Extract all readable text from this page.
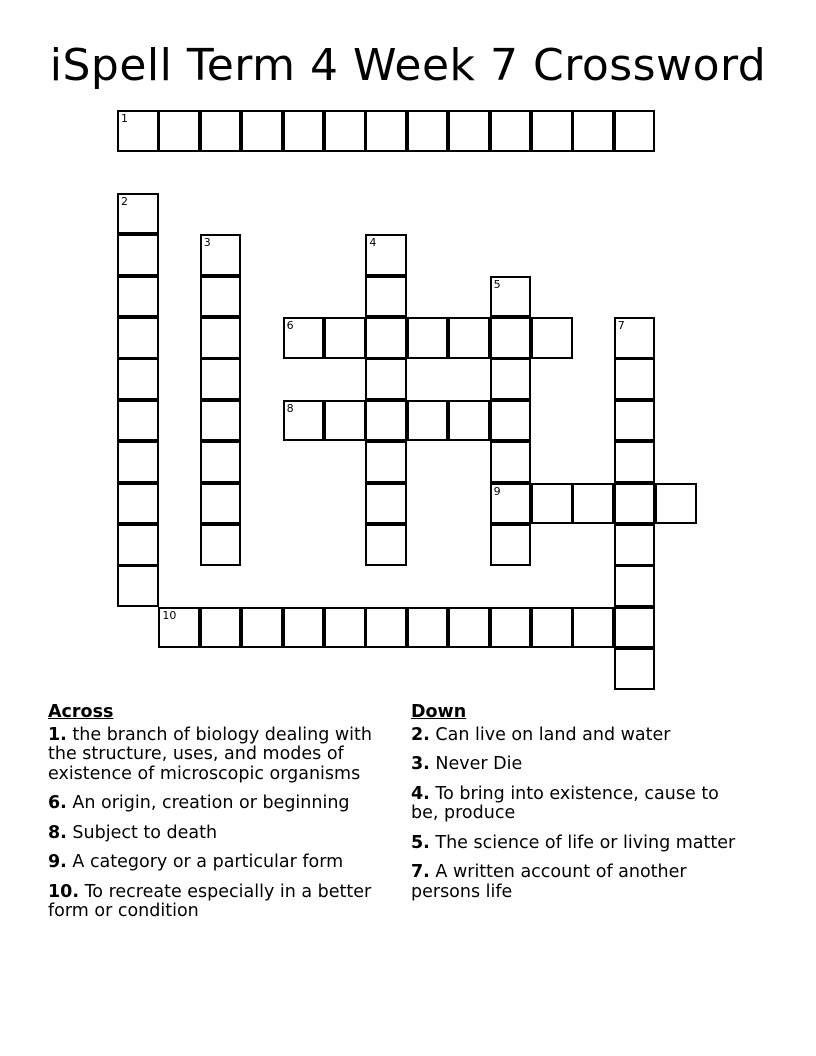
iSpell Term 4 Week 7 Crossword
1
2
3	4
5
9
6	7
8
10
Across
1. the branch of biology dealing with the structure, uses, and modes of existence of microscopic organisms
6. An origin, creation or beginning
8. Subject to death
9. A category or a particular form
10. To recreate especially in a better form or condition
Down
2. Can live on land and water
3. Never Die
4. To bring into existence, cause to be, produce
5. The science of life or living matter
7. A written account of another persons life
